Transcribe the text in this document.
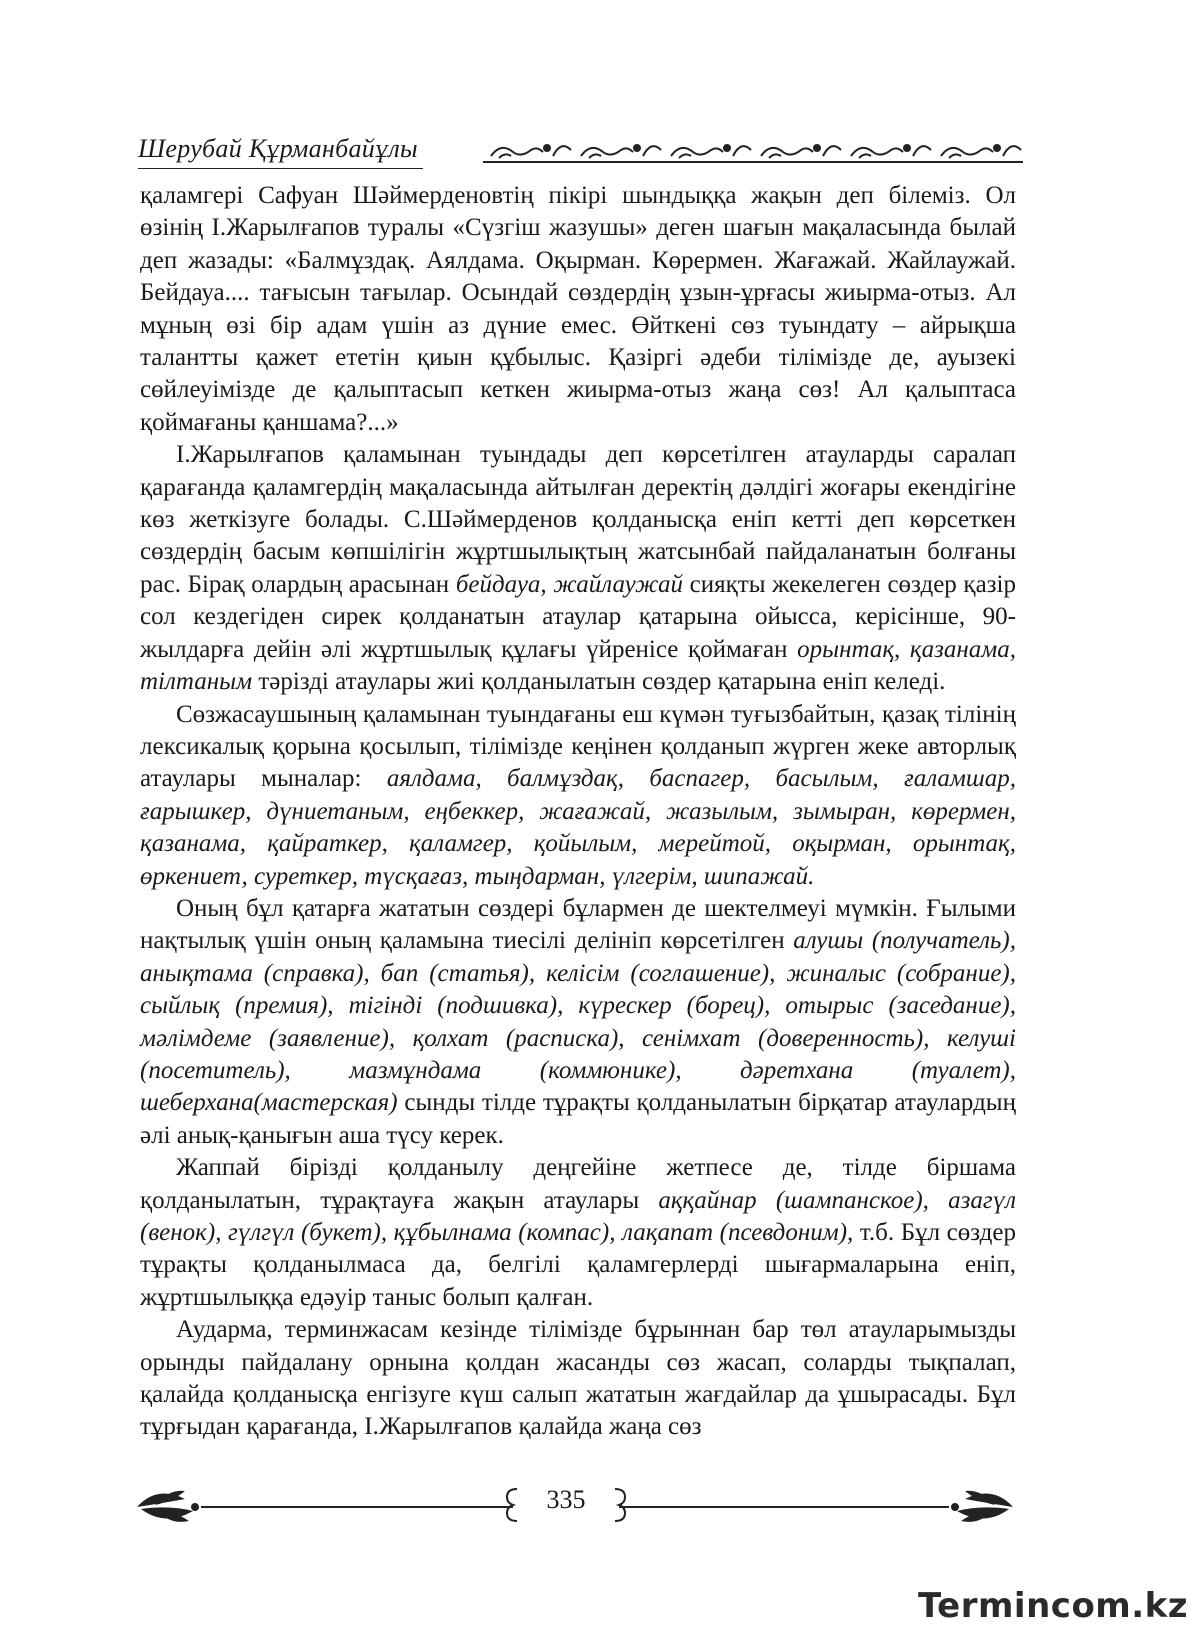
Шерубай Құрманбайұлы

қаламгері Сафуан Шәймерденовтің пікірі шындыққа жақын деп білеміз. Ол өзінің І.Жарылғапов туралы «Сүзгіш жазушы» деген шағын мақаласында былай деп жазады: «Балмұздақ. Аялдама. Оқырман. Көрермен. Жағажай. Жайлаужай. Бейдауа.... тағысын тағылар. Осындай сөздердің ұзын-ұрғасы жиырма-отыз. Ал мұның өзі бір адам үшін аз дүние емес. Өйткені сөз туындату – айрықша талантты қажет ететін қиын құбылыс. Қазіргі әдеби тілімізде де, ауызекі сөйлеуімізде де қалыптасып кеткен жиырма-отыз жаңа сөз! Ал қалыптаса қоймағаны қаншама?...»

І.Жарылғапов қаламынан туындады деп көрсетілген атауларды саралап қарағанда қаламгердің мақаласында айтылған деректің дәлдігі жоғары екендігіне көз жеткізуге болады. С.Шәймерденов қолданысқа еніп кетті деп көрсеткен сөздердің басым көпшілігін жұртшылықтың жатсынбай пайдаланатын болғаны рас. Бірақ олардың арасынан бейдауа, жайлаужай сияқты жекелеген сөздер қазір сол кездегіден сирек қолданатын атаулар қатарына ойысса, керісінше, 90-жылдарға дейін әлі жұртшылық құлағы үйренісе қоймаған орынтақ, қазанама, тілтаным тәрізді атаулары жиі қолданылатын сөздер қатарына еніп келеді.

Сөзжасаушының қаламынан туындағаны еш күмән туғызбайтын, қазақ тілінің лексикалық қорына қосылып, тілімізде кеңінен қолданып жүрген жеке авторлық атаулары мыналар: аялдама, балмұздақ, баспагер, басылым, ғаламшар, ғарышкер, дүниетаным, еңбеккер, жағажай, жазылым, зымыран, көрермен, қазанама, қайраткер, қаламгер, қойылым, мерейтой, оқырман, орынтақ, өркениет, суреткер, түсқағаз, тыңдарман, үлгерім, шипажай.

Оның бұл қатарға жататын сөздері бұлармен де шектелмеуі мүмкін. Ғылыми нақтылық үшін оның қаламына тиесілі делініп көрсетілген алушы (получатель), анықтама (справка), бап (статья), келісім (соглашение), жиналыс (собрание), сыйлық (премия), тігінді (подшивка), күрескер (борец), отырыс (заседание), мәлімдеме (заявление), қолхат (расписка), сенімхат (доверенность), келуші (посетитель), мазмұндама (коммюнике), дәретхана (туалет), шеберхана(мастерская) сынды тілде тұрақты қолданылатын бірқатар атаулардың әлі анық-қанығын аша түсу керек.

Жаппай бірізді қолданылу деңгейіне жетпесе де, тілде біршама қолданылатын, тұрақтауға жақын атаулары аққайнар (шампанское), азагүл (венок), гүлгүл (букет), құбылнама (компас), лақапат (псевдоним), т.б. Бұл сөздер тұрақты қолданылмаса да, белгілі қаламгерлерді шығармаларына еніп, жұртшылыққа едәуір таныс болып қалған.

Аударма, терминжасам кезінде тілімізде бұрыннан бар төл атауларымызды орынды пайдалану орнына қолдан жасанды сөз жасап, соларды тықпалап, қалайда қолданысқа енгізуге күш салып жататын жағдайлар да ұшырасады. Бұл тұрғыдан қарағанда, І.Жарылғапов қалайда жаңа сөз

335
Termincom.kz
